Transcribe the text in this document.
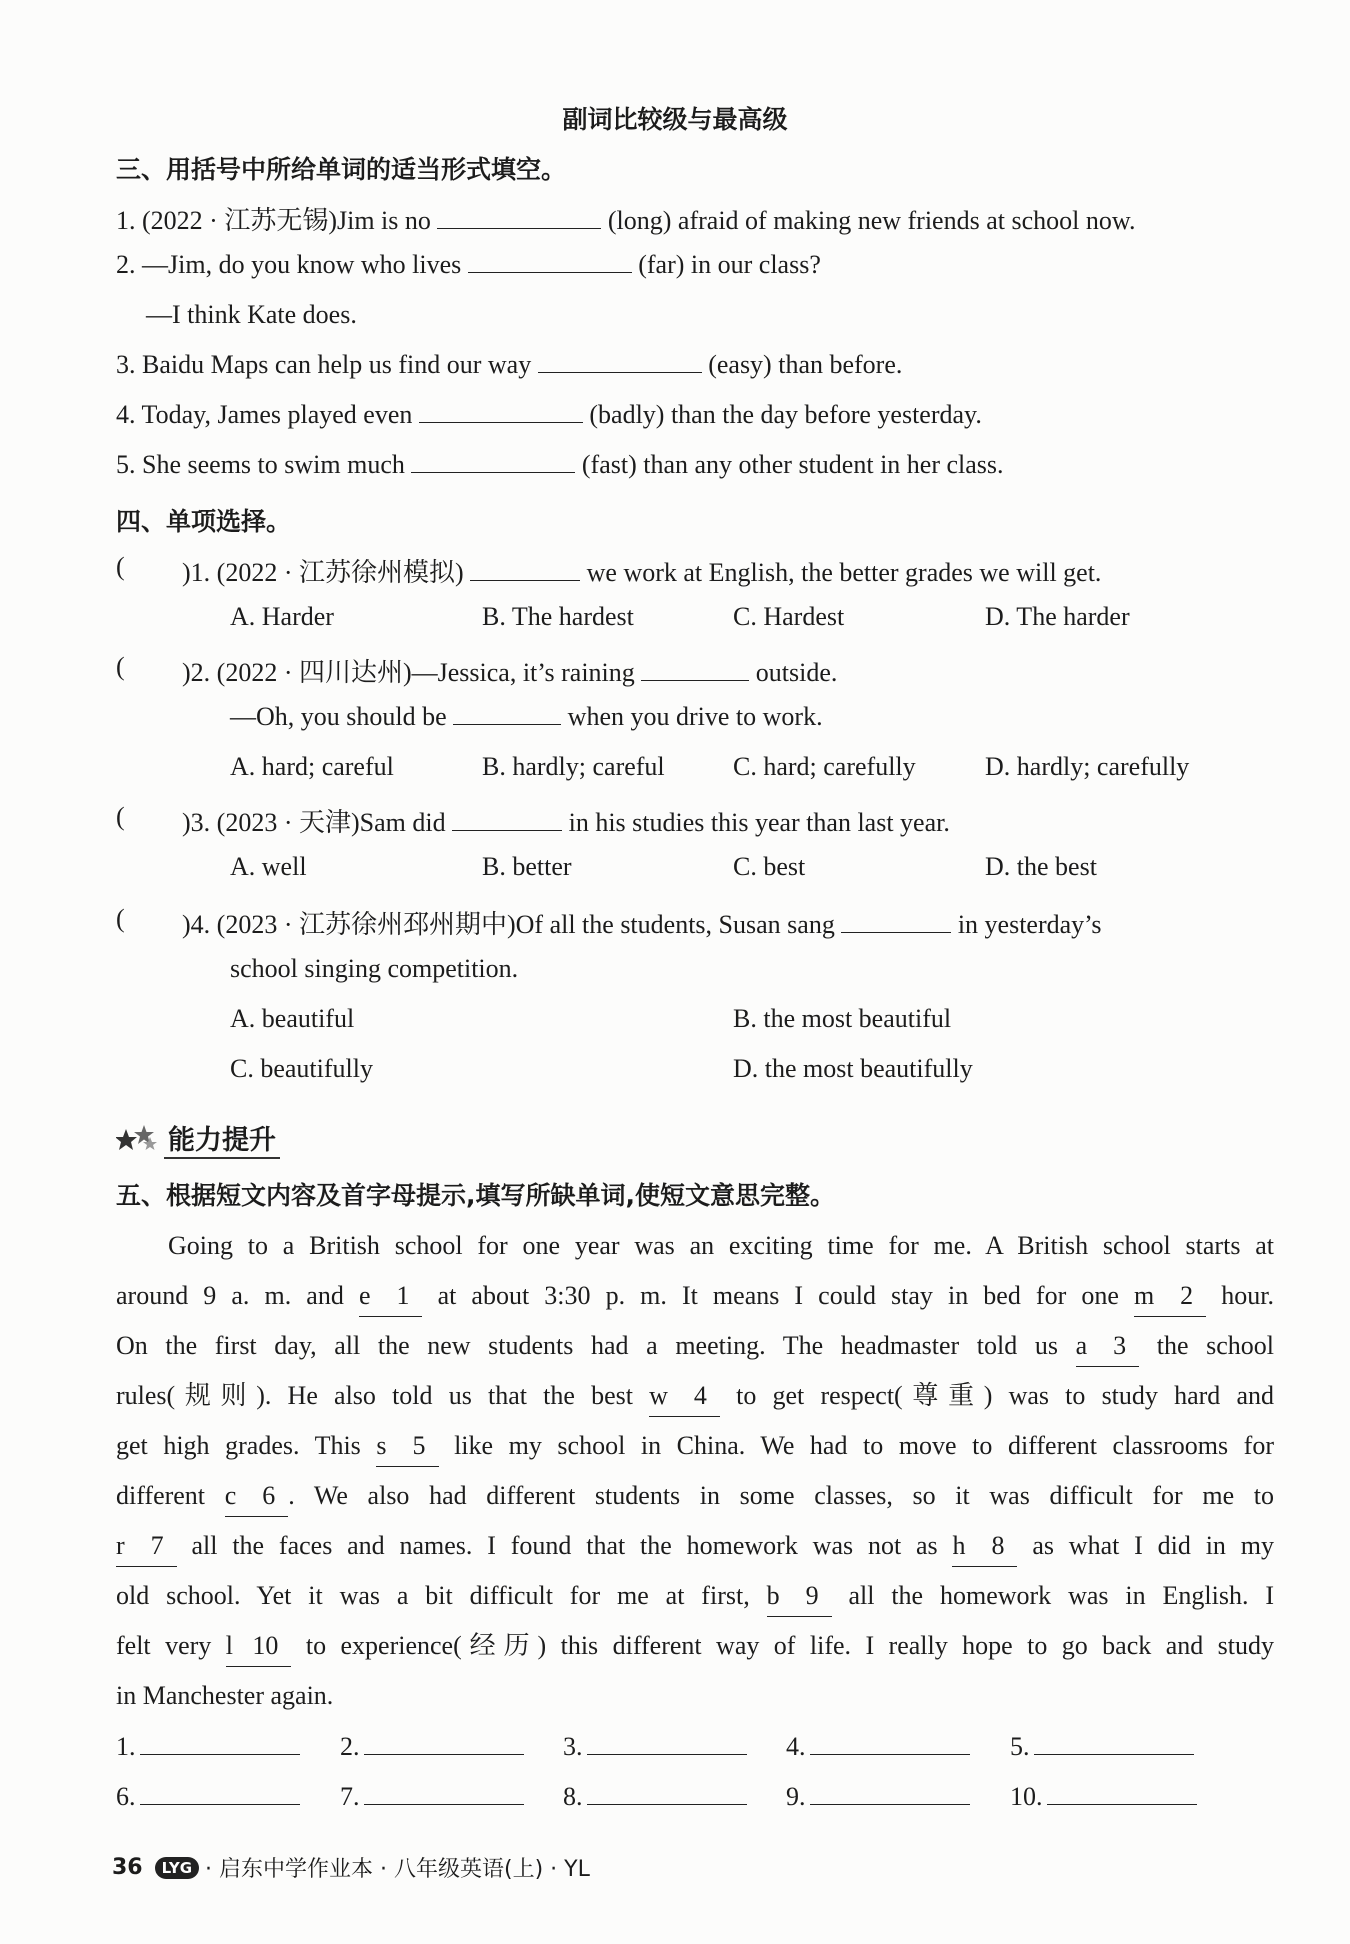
副词比较级与最高级
三、用括号中所给单词的适当形式填空。
1. (2022 · 江苏无锡)Jim is no	(long) afraid of making new friends at school now.
2. —Jim, do you know who lives	(far) in our class?
—I think Kate does.
3. Baidu Maps can help us find our way	(easy) than before.
4. Today, James played even	(badly) than the day before yesterday.
5. She seems to swim much	(fast) than any other student in her class.
四、单项选择。
( )1. (2022 · 江苏徐州模拟)	we work at English, the better grades we will get.
A. Harder	B. The hardest	C. Hardest	D. The harder
( )2. (2022 · 四川达州)—Jessica, it’s raining	outside.
—Oh, you should be	when you drive to work.
A. hard; careful	B. hardly; careful	C. hard; carefully	D. hardly; carefully
( )3. (2023 · 天津)Sam did	in his studies this year than last year.
A. well	B. better	C. best	D. the best
( )4. (2023 · 江苏徐州邳州期中)Of all the students, Susan sang	in yesterday’s
school singing competition.
A. beautiful	B. the most beautiful
C. beautifully	D. the most beautifully
能力提升
五、根据短文内容及首字母提示,填写所缺单词,使短文意思完整。
Going to a British school for one year was an exciting time for me. A British school starts at
around 9 a. m. and e    1   at about 3:30 p. m. It means I could stay in bed for one m    2   hour.
On the first day, all the new students had a meeting. The headmaster told us a    3   the school
rules(规则). He also told us that the best w    4   to get respect(尊重) was to study hard and
get high grades. This s    5   like my school in China. We had to move to different classrooms for
different c    6  . We also had different students in some classes, so it was difficult for me to
r    7   all the faces and names. I found that the homework was not as h    8   as what I did in my
old school. Yet it was a bit difficult for me at first, b    9   all the homework was in English. I
felt very l   10   to experience(经历) this different way of life. I really hope to go back and study
in Manchester again.
1.	2.	3.	4.	5.
6.	7.	8.	9.	10.
36	LYG · 启东中学作业本 · 八年级英语(上) · YL
